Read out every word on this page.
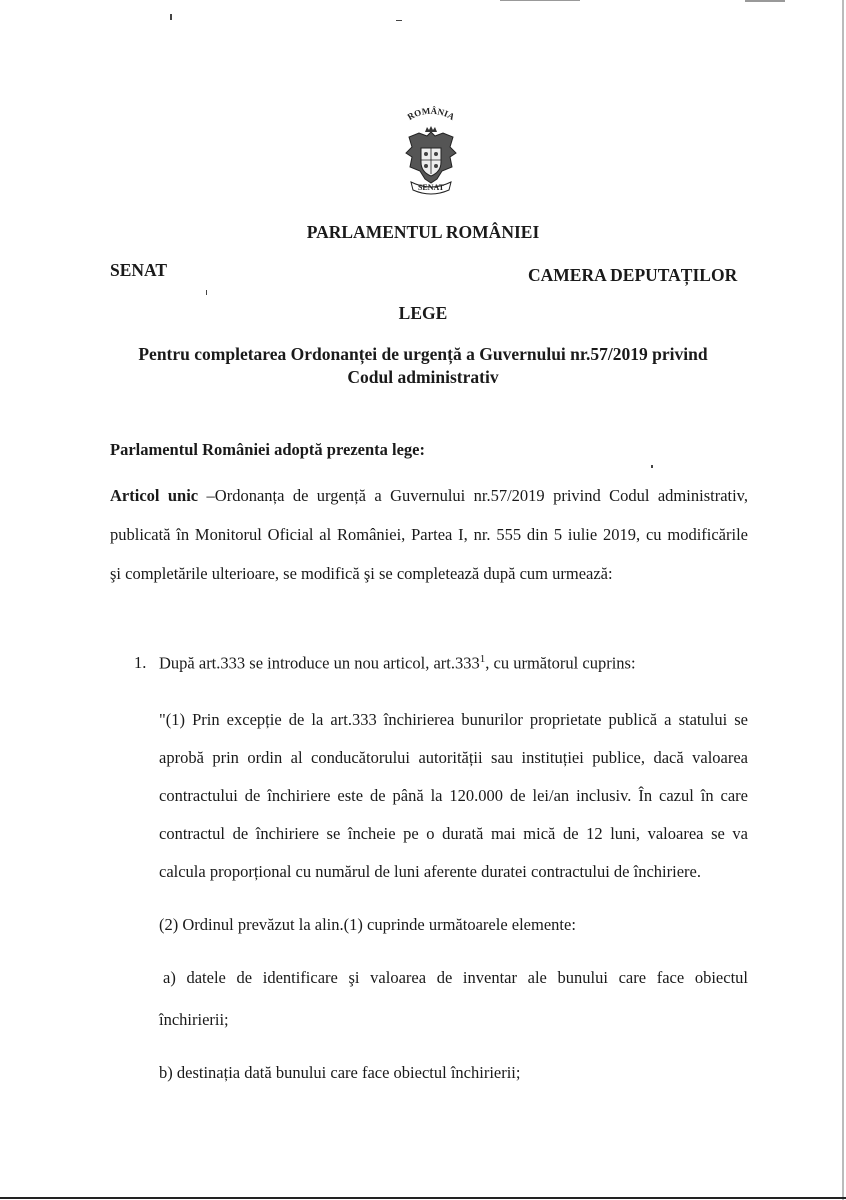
ROMÂNIA
SENAT
PARLAMENTUL ROMÂNIEI
SENAT	CAMERA DEPUTAȚILOR
LEGE
Pentru completarea Ordonanței de urgență a Guvernului nr.57/2019 privind
Codul administrativ
Parlamentul României adoptă prezenta lege:
Articol unic –Ordonanța de urgență a Guvernului nr.57/2019 privind Codul administrativ,
publicată în Monitorul Oficial al României, Partea I, nr. 555 din 5 iulie 2019, cu modificările
şi completările ulterioare, se modifică şi se completează după cum urmează:
1. După art.333 se introduce un nou articol, art.333$^1$, cu următorul cuprins:
"(1) Prin excepție de la art.333 închirierea bunurilor proprietate publică a statului se
aprobă prin ordin al conducătorului autorității sau instituției publice, dacă valoarea
contractului de închiriere este de până la 120.000 de lei/an inclusiv. În cazul în care
contractul de închiriere se încheie pe o durată mai mică de 12 luni, valoarea se va
calcula proporțional cu numărul de luni aferente duratei contractului de închiriere.
(2) Ordinul prevăzut la alin.(1) cuprinde următoarele elemente:
a) datele de identificare şi valoarea de inventar ale bunului care face obiectul
închirierii;
b) destinația dată bunului care face obiectul închirierii;
